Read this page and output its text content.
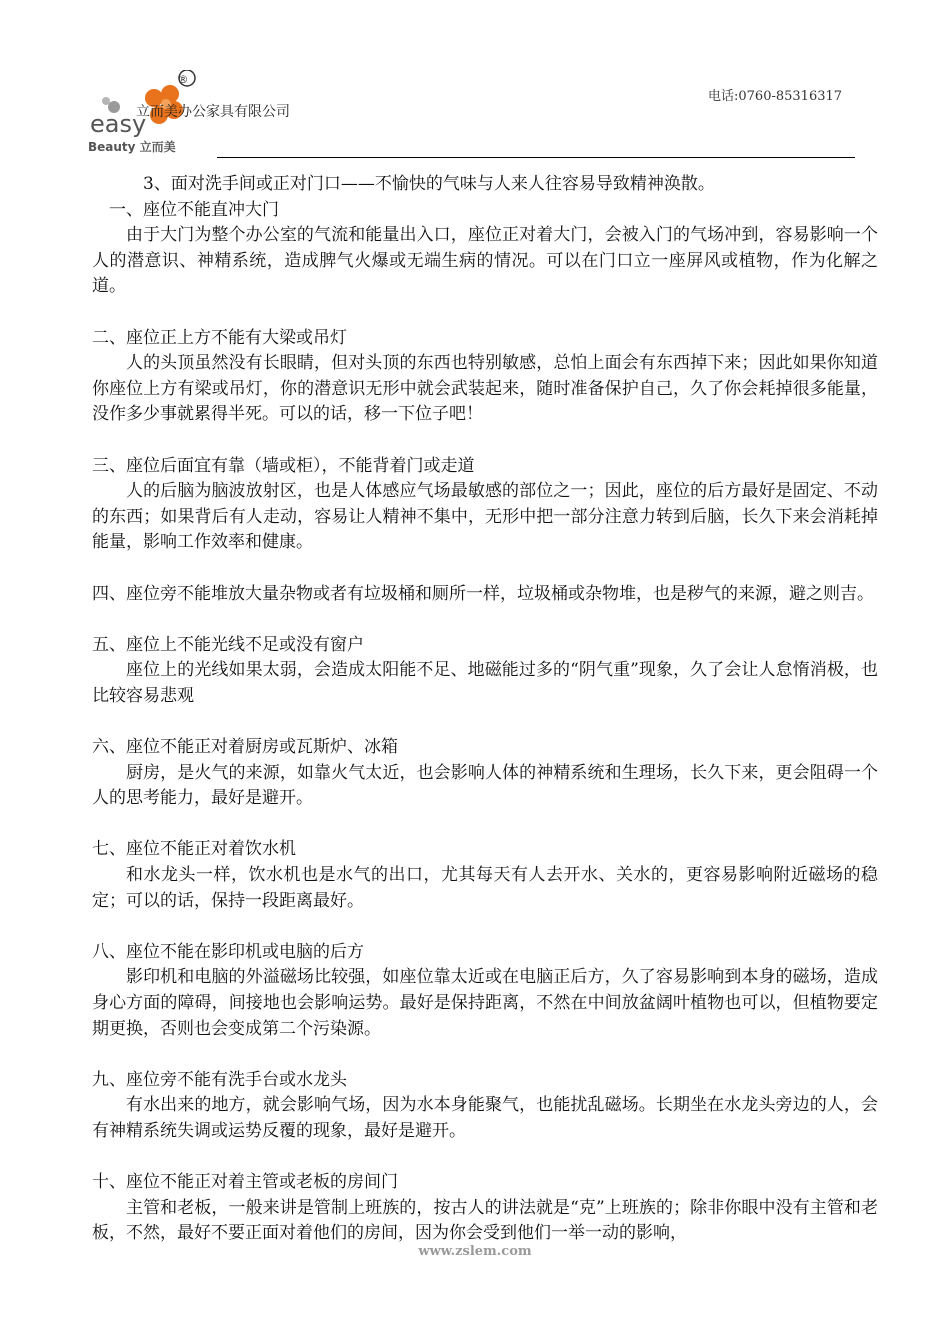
®
easy
Beauty 立而美
立而美办公家具有限公司
电话:0760-85316317

3、面对洗手间或正对门口——不愉快的气味与人来人往容易导致精神涣散。

一、座位不能直冲大门

由于大门为整个办公室的气流和能量出入口，座位正对着大门，会被入门的气场冲到，容易影响一个人的潜意识、神精系统，造成脾气火爆或无端生病的情况。可以在门口立一座屏风或植物，作为化解之道。

二、座位正上方不能有大梁或吊灯

人的头顶虽然没有长眼睛，但对头顶的东西也特别敏感，总怕上面会有东西掉下来；因此如果你知道你座位上方有梁或吊灯，你的潜意识无形中就会武装起来，随时准备保护自己，久了你会耗掉很多能量，没作多少事就累得半死。可以的话，移一下位子吧！

三、座位后面宜有靠（墙或柜），不能背着门或走道

人的后脑为脑波放射区，也是人体感应气场最敏感的部位之一；因此，座位的后方最好是固定、不动的东西；如果背后有人走动，容易让人精神不集中，无形中把一部分注意力转到后脑，长久下来会消耗掉能量，影响工作效率和健康。

四、座位旁不能堆放大量杂物或者有垃圾桶和厕所一样，垃圾桶或杂物堆，也是秽气的来源，避之则吉。

五、座位上不能光线不足或没有窗户

座位上的光线如果太弱，会造成太阳能不足、地磁能过多的“阴气重”现象，久了会让人怠惰消极，也比较容易悲观

六、座位不能正对着厨房或瓦斯炉、冰箱

厨房，是火气的来源，如靠火气太近，也会影响人体的神精系统和生理场，长久下来，更会阻碍一个人的思考能力，最好是避开。

七、座位不能正对着饮水机

和水龙头一样，饮水机也是水气的出口，尤其每天有人去开水、关水的，更容易影响附近磁场的稳定；可以的话，保持一段距离最好。

八、座位不能在影印机或电脑的后方

影印机和电脑的外溢磁场比较强，如座位靠太近或在电脑正后方，久了容易影响到本身的磁场，造成身心方面的障碍，间接地也会影响运势。最好是保持距离，不然在中间放盆阔叶植物也可以，但植物要定期更换，否则也会变成第二个污染源。

九、座位旁不能有洗手台或水龙头

有水出来的地方，就会影响气场，因为水本身能聚气，也能扰乱磁场。长期坐在水龙头旁边的人，会有神精系统失调或运势反覆的现象，最好是避开。

十、座位不能正对着主管或老板的房间门

主管和老板，一般来讲是管制上班族的，按古人的讲法就是“克”上班族的；除非你眼中没有主管和老板，不然，最好不要正面对着他们的房间，因为你会受到他们一举一动的影响，

www.zslem.com
